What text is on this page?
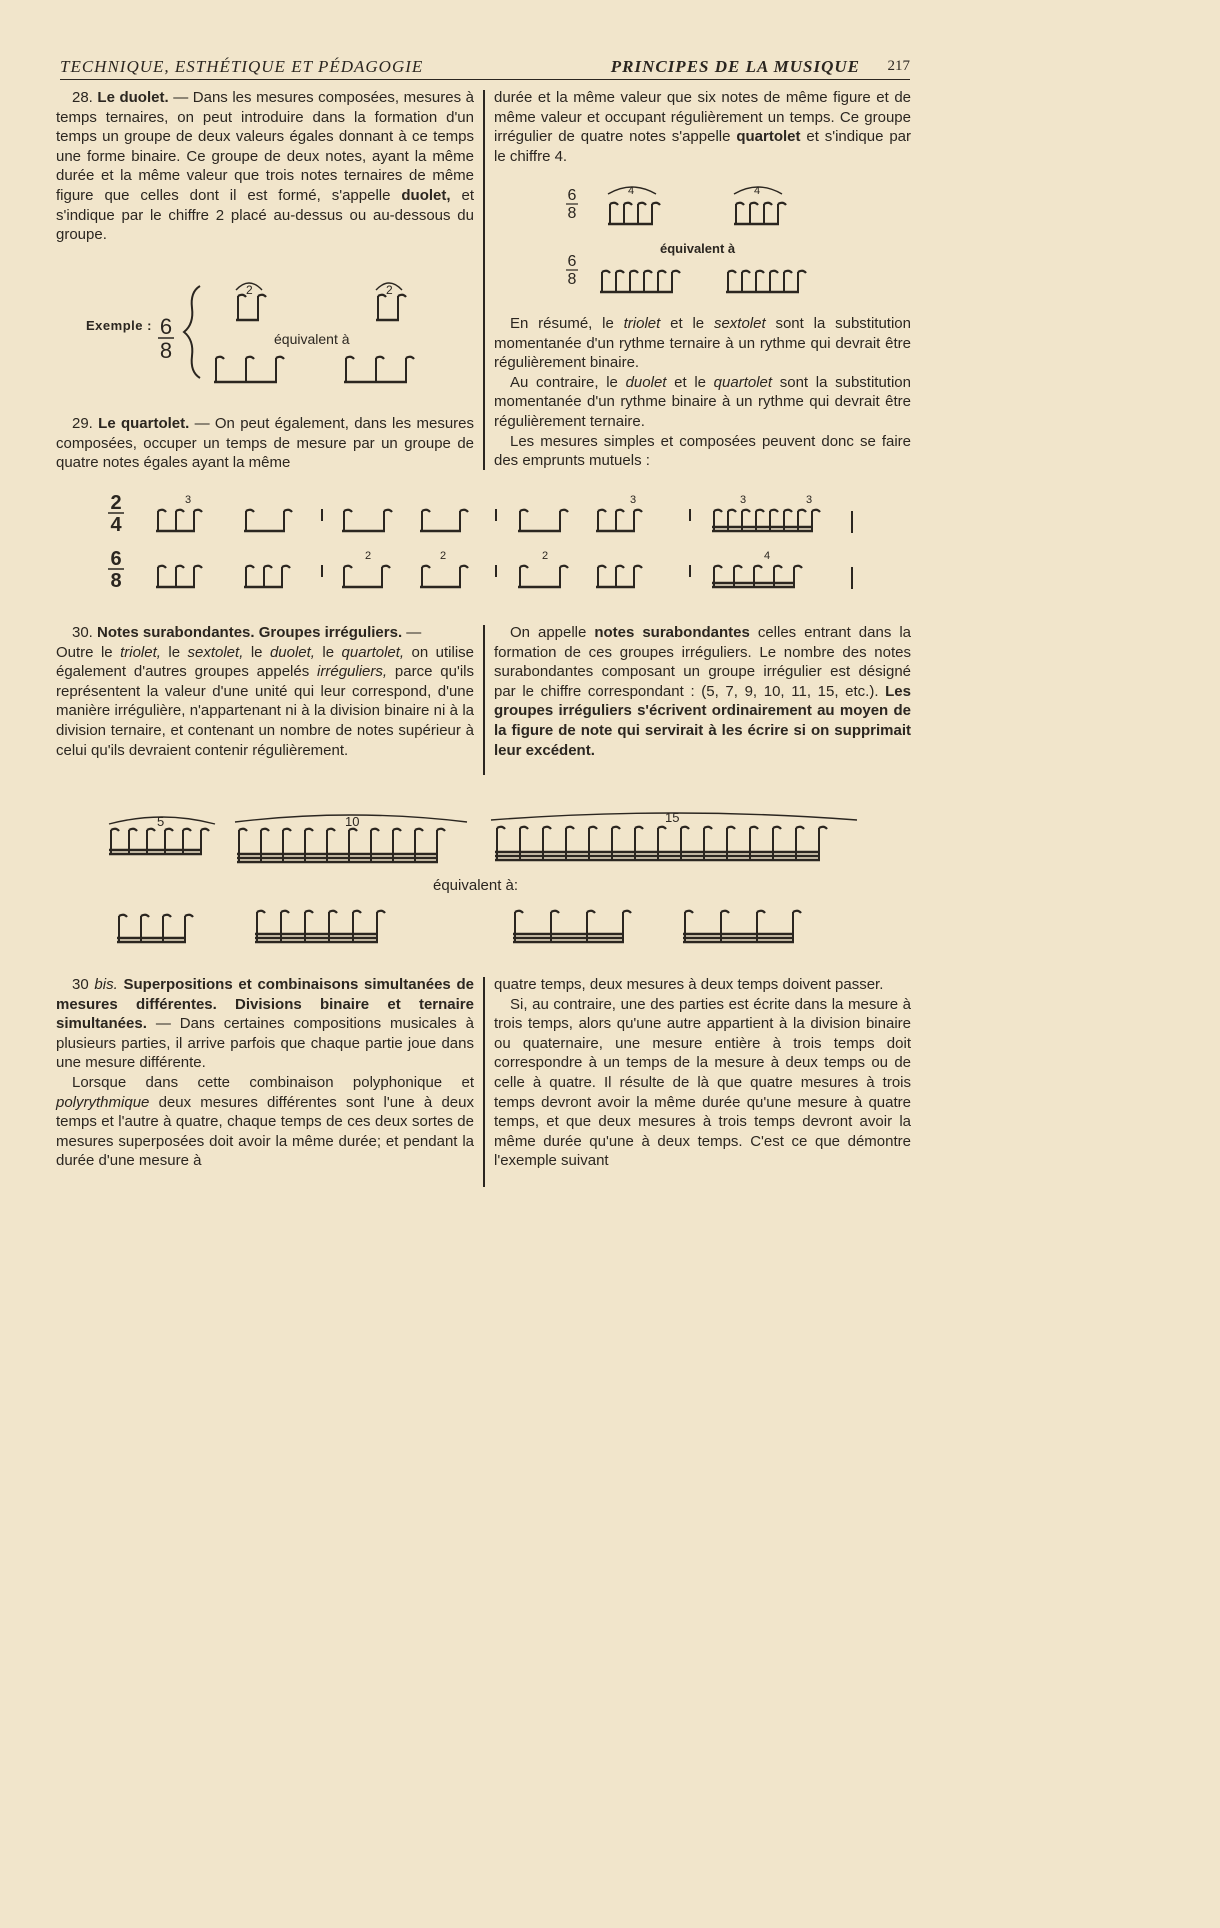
TECHNIQUE, ESTHÉTIQUE ET PÉDAGOGIE	PRINCIPES DE LA MUSIQUE 217

28. Le duolet. — Dans les mesures composées, mesures à temps ternaires, on peut introduire dans la formation d'un temps un groupe de deux valeurs égales donnant à ce temps une forme binaire. Ce groupe de deux notes, ayant la même durée et la même valeur que trois notes ternaires de même figure que celles dont il est formé, s'appelle duolet, et s'indique par le chiffre 2 placé au-dessus ou au-dessous du groupe.

Exemple : 6
8
2	2
équivalent à

29. Le quartolet. — On peut également, dans les mesures composées, occuper un temps de mesure par un groupe de quatre notes égales ayant la même

durée et la même valeur que six notes de même figure et de même valeur et occupant régulièrement un temps. Ce groupe irrégulier de quatre notes s'appelle quartolet et s'indique par le chiffre 4.

6
8
6
8
4	4
équivalent à

En résumé, le triolet et le sextolet sont la substitution momentanée d'un rythme ternaire à un rythme qui devrait être régulièrement binaire.

Au contraire, le duolet et le quartolet sont la substitution momentanée d'un rythme binaire à un rythme qui devrait être régulièrement ternaire.

Les mesures simples et composées peuvent donc se faire des emprunts mutuels :

2
4
6
8
3	3	3	3
2	2	2	4

30. Notes surabondantes. Groupes irréguliers. —

Outre le triolet, le sextolet, le duolet, le quartolet, on utilise également d'autres groupes appelés irréguliers, parce qu'ils représentent la valeur d'une unité qui leur correspond, d'une manière irrégulière, n'appartenant ni à la division binaire ni à la division ternaire, et contenant un nombre de notes supérieur à celui qu'ils devraient contenir régulièrement.

On appelle notes surabondantes celles entrant dans la formation de ces groupes irréguliers. Le nombre des notes surabondantes composant un groupe irrégulier est désigné par le chiffre correspondant : (5, 7, 9, 10, 11, 15, etc.). Les groupes irréguliers s'écrivent ordinairement au moyen de la figure de note qui servirait à les écrire si on supprimait leur excédent.

5	10	15
équivalent à:

30 bis. Superpositions et combinaisons simultanées de mesures différentes. Divisions binaire et ternaire simultanées. — Dans certaines compositions musicales à plusieurs parties, il arrive parfois que chaque partie joue dans une mesure différente.

Lorsque dans cette combinaison polyphonique et polyrythmique deux mesures différentes sont l'une à deux temps et l'autre à quatre, chaque temps de ces deux sortes de mesures superposées doit avoir la même durée; et pendant la durée d'une mesure à

quatre temps, deux mesures à deux temps doivent passer.

Si, au contraire, une des parties est écrite dans la mesure à trois temps, alors qu'une autre appartient à la division binaire ou quaternaire, une mesure entière à trois temps doit correspondre à un temps de la mesure à deux temps ou de celle à quatre. Il résulte de là que quatre mesures à trois temps devront avoir la même durée qu'une mesure à quatre temps, et que deux mesures à trois temps devront avoir la même durée qu'une à deux temps. C'est ce que démontre l'exemple suivant
